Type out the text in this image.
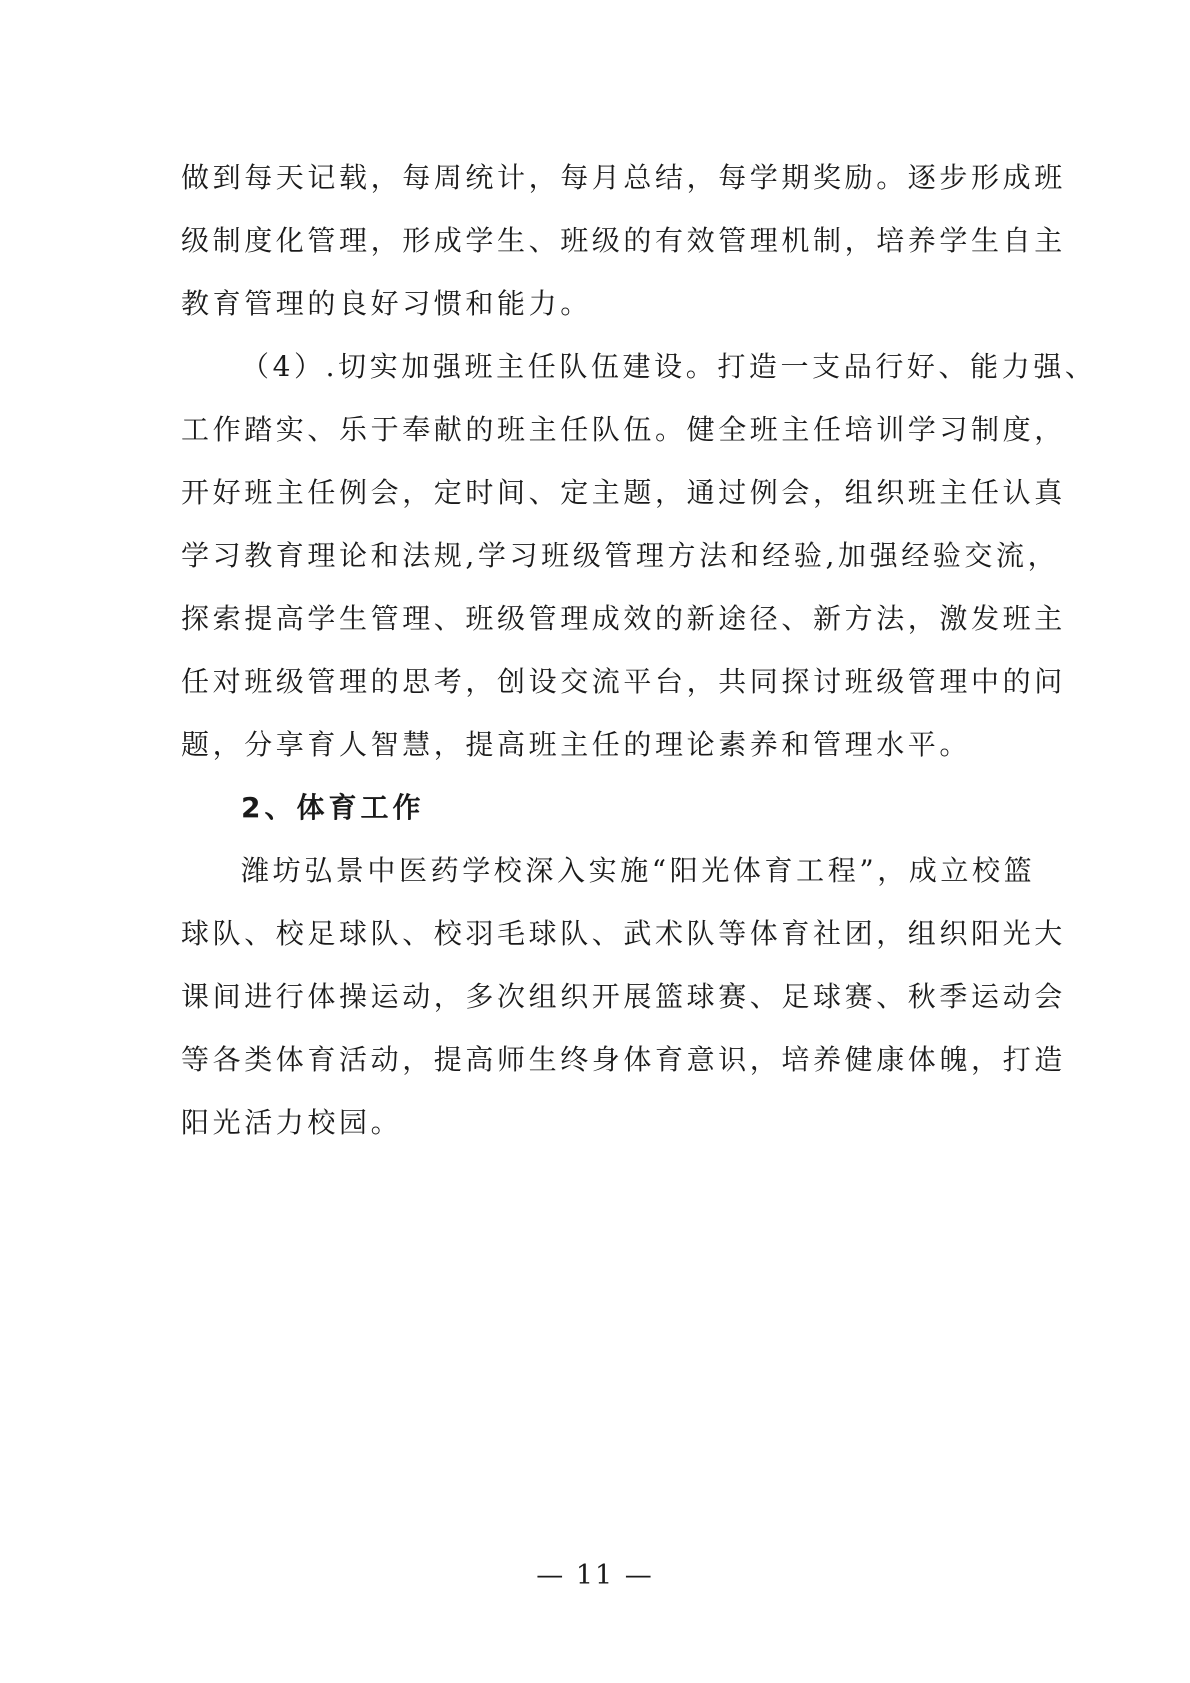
做到每天记载，每周统计，每月总结，每学期奖励。逐步形成班
级制度化管理，形成学生、班级的有效管理机制，培养学生自主
教育管理的良好习惯和能力。
（4）.切实加强班主任队伍建设。打造一支品行好、能力强、
工作踏实、乐于奉献的班主任队伍。健全班主任培训学习制度，
开好班主任例会，定时间、定主题，通过例会，组织班主任认真
学习教育理论和法规,学习班级管理方法和经验,加强经验交流，
探索提高学生管理、班级管理成效的新途径、新方法，激发班主
任对班级管理的思考，创设交流平台，共同探讨班级管理中的问
题，分享育人智慧，提高班主任的理论素养和管理水平。
2、体育工作
潍坊弘景中医药学校深入实施“阳光体育工程”，成立校篮
球队、校足球队、校羽毛球队、武术队等体育社团，组织阳光大
课间进行体操运动，多次组织开展篮球赛、足球赛、秋季运动会
等各类体育活动，提高师生终身体育意识，培养健康体魄，打造
阳光活力校园。
— 11 —
